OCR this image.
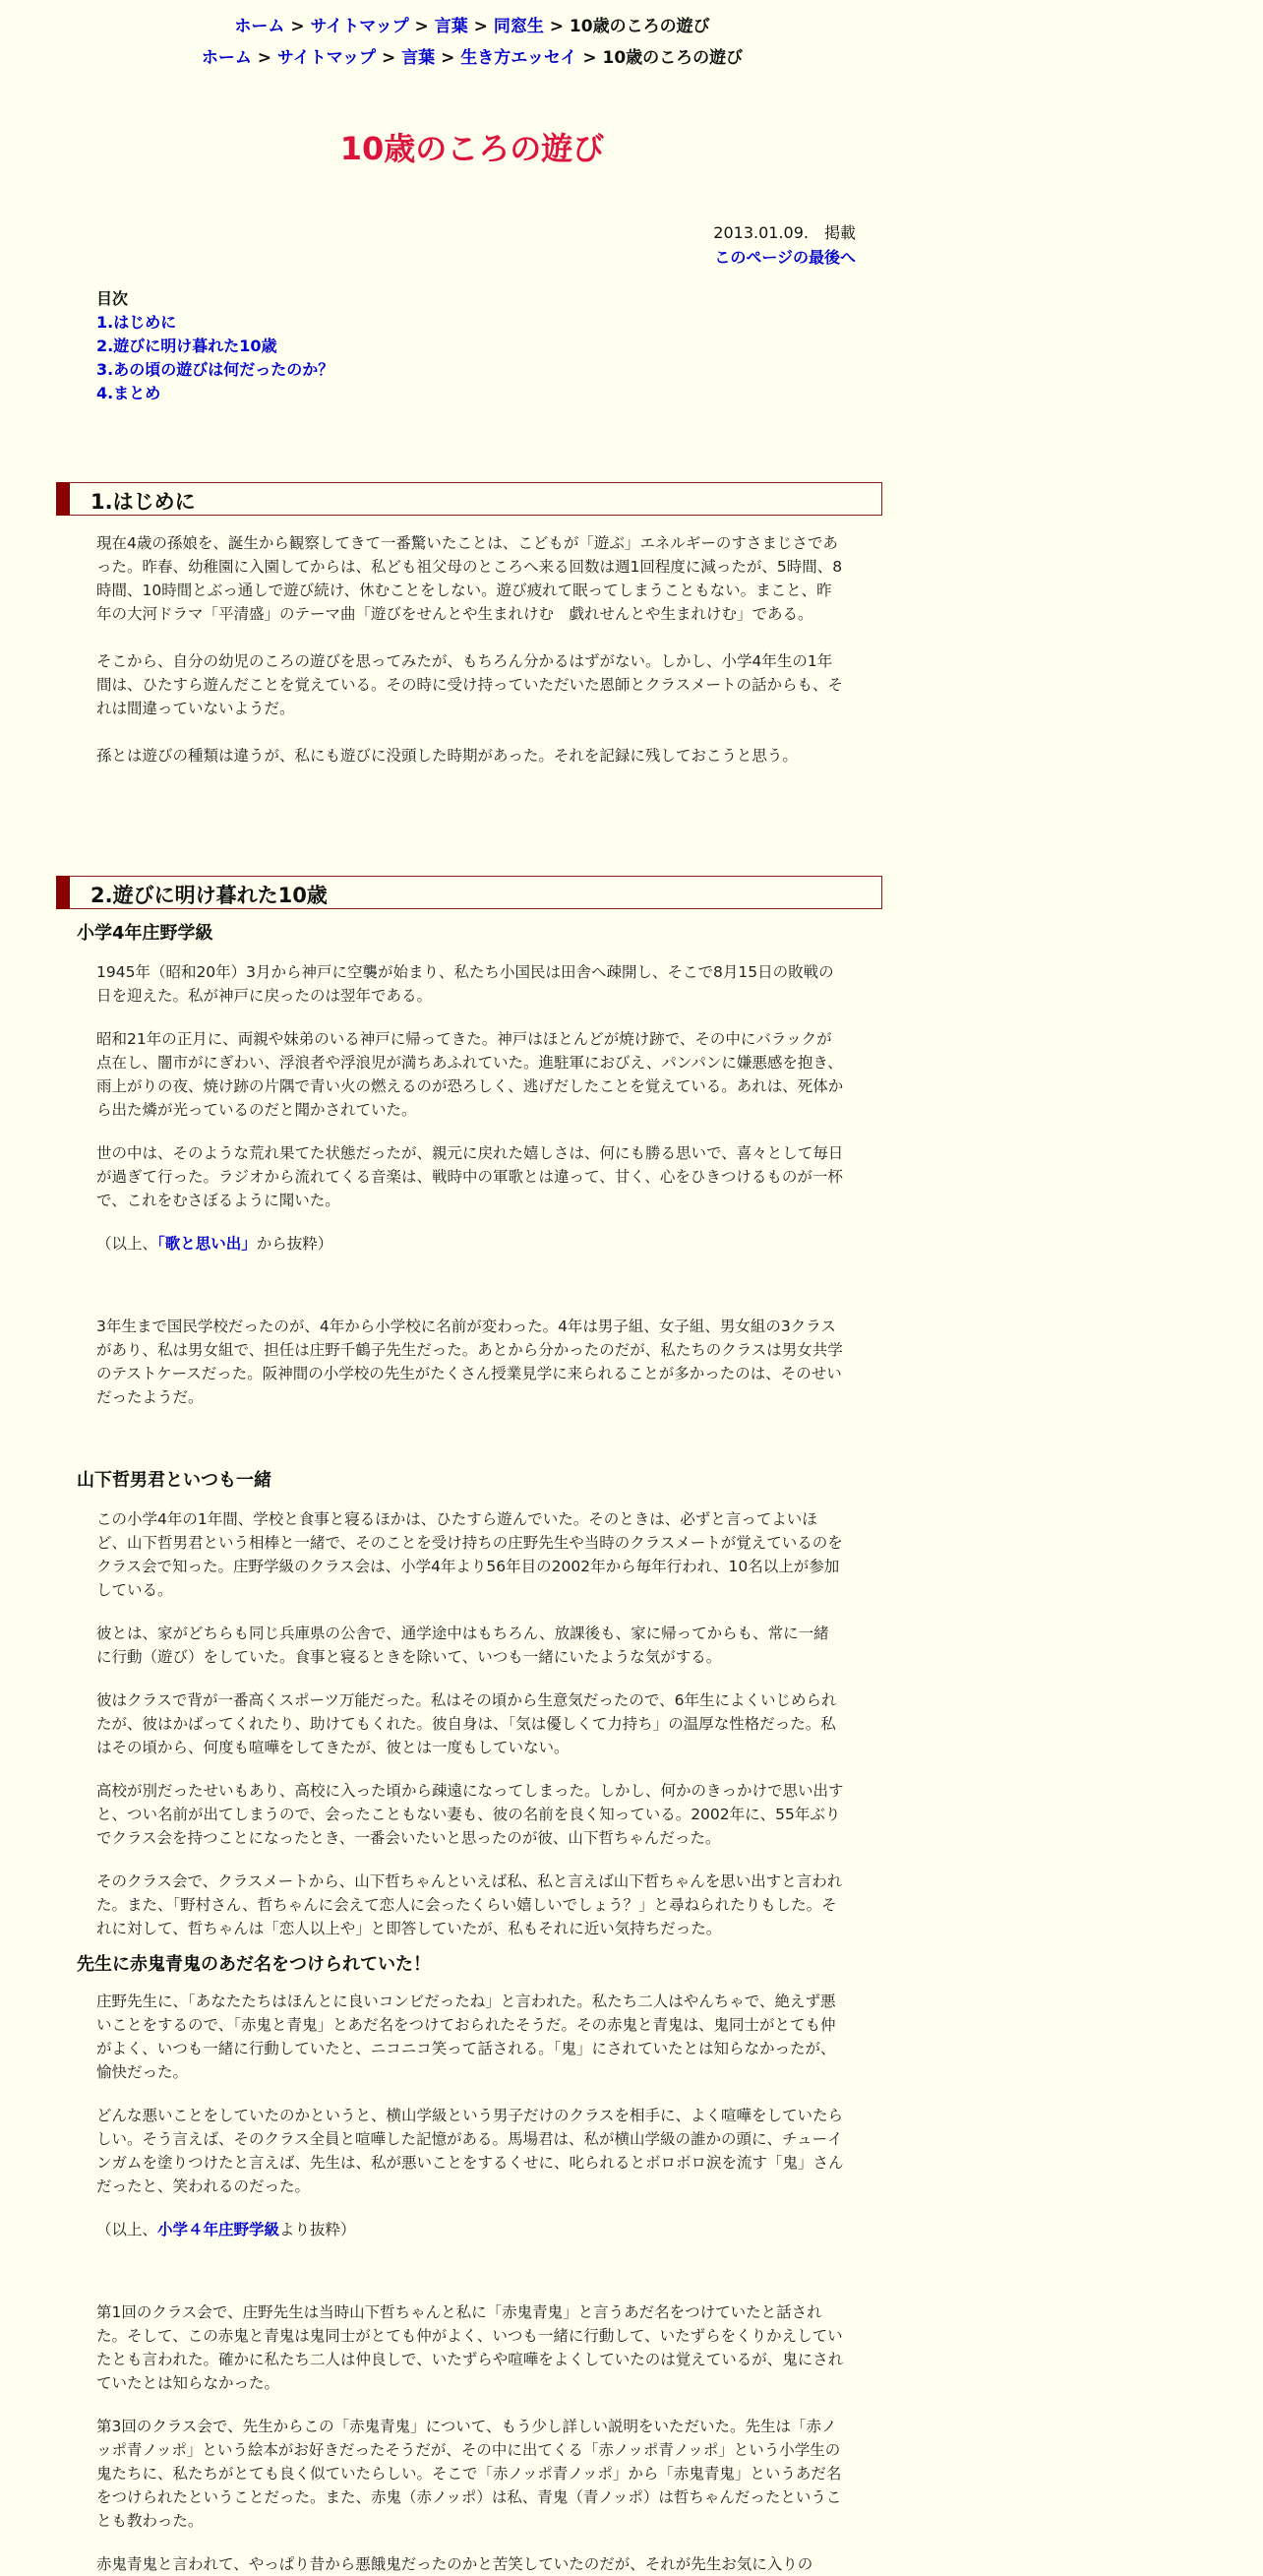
ホーム > サイトマップ > 言葉 > 同窓生 > 10歳のころの遊び
ホーム > サイトマップ > 言葉 > 生き方エッセイ > 10歳のころの遊び
10歳のころの遊び
2013.01.09.　掲載
このページの最後へ
目次
1.はじめに
2.遊びに明け暮れた10歳
3.あの頃の遊びは何だったのか？
4.まとめ
1.はじめに

現在4歳の孫娘を、誕生から観察してきて一番驚いたことは、こどもが「遊ぶ」エネルギーのすさまじさであった。昨春、幼稚園に入園してからは、私ども祖父母のところへ来る回数は週1回程度に減ったが、5時間、8時間、10時間とぶっ通しで遊び続け、休むことをしない。遊び疲れて眠ってしまうこともない。まこと、昨年の大河ドラマ「平清盛」のテーマ曲「遊びをせんとや生まれけむ　戯れせんとや生まれけむ」である。

そこから、自分の幼児のころの遊びを思ってみたが、もちろん分かるはずがない。しかし、小学4年生の1年間は、ひたすら遊んだことを覚えている。その時に受け持っていただいた恩師とクラスメートの話からも、それは間違っていないようだ。

孫とは遊びの種類は違うが、私にも遊びに没頭した時期があった。それを記録に残しておこうと思う。

2.遊びに明け暮れた10歳
小学4年庄野学級

1945年（昭和20年）3月から神戸に空襲が始まり、私たち小国民は田舎へ疎開し、そこで8月15日の敗戦の日を迎えた。私が神戸に戻ったのは翌年である。

昭和21年の正月に、両親や妹弟のいる神戸に帰ってきた。神戸はほとんどが焼け跡で、その中にバラックが点在し、闇市がにぎわい、浮浪者や浮浪児が満ちあふれていた。進駐軍におびえ、パンパンに嫌悪感を抱き、雨上がりの夜、焼け跡の片隅で青い火の燃えるのが恐ろしく、逃げだしたことを覚えている。あれは、死体から出た燐が光っているのだと聞かされていた。

世の中は、そのような荒れ果てた状態だったが、親元に戻れた嬉しさは、何にも勝る思いで、喜々として毎日が過ぎて行った。ラジオから流れてくる音楽は、戦時中の軍歌とは違って、甘く、心をひきつけるものが一杯で、これをむさぼるように聞いた。

（以上、「歌と思い出」から抜粋）

3年生まで国民学校だったのが、4年から小学校に名前が変わった。4年は男子組、女子組、男女組の3クラスがあり、私は男女組で、担任は庄野千鶴子先生だった。あとから分かったのだが、私たちのクラスは男女共学のテストケースだった。阪神間の小学校の先生がたくさん授業見学に来られることが多かったのは、そのせいだったようだ。

山下哲男君といつも一緒

この小学4年の1年間、学校と食事と寝るほかは、ひたすら遊んでいた。そのときは、必ずと言ってよいほど、山下哲男君という相棒と一緒で、そのことを受け持ちの庄野先生や当時のクラスメートが覚えているのをクラス会で知った。庄野学級のクラス会は、小学4年より56年目の2002年から毎年行われ、10名以上が参加している。

彼とは、家がどちらも同じ兵庫県の公舎で、通学途中はもちろん、放課後も、家に帰ってからも、常に一緒に行動（遊び）をしていた。食事と寝るときを除いて、いつも一緒にいたような気がする。

彼はクラスで背が一番高くスポーツ万能だった。私はその頃から生意気だったので、6年生によくいじめられたが、彼はかばってくれたり、助けてもくれた。彼自身は、「気は優しくて力持ち」の温厚な性格だった。私はその頃から、何度も喧嘩をしてきたが、彼とは一度もしていない。

高校が別だったせいもあり、高校に入った頃から疎遠になってしまった。しかし、何かのきっかけで思い出すと、つい名前が出てしまうので、会ったこともない妻も、彼の名前を良く知っている。2002年に、55年ぶりでクラス会を持つことになったとき、一番会いたいと思ったのが彼、山下哲ちゃんだった。

そのクラス会で、クラスメートから、山下哲ちゃんといえば私、私と言えば山下哲ちゃんを思い出すと言われた。また、「野村さん、哲ちゃんに会えて恋人に会ったくらい嬉しいでしょう？」と尋ねられたりもした。それに対して、哲ちゃんは「恋人以上や」と即答していたが、私もそれに近い気持ちだった。

先生に赤鬼青鬼のあだ名をつけられていた！

庄野先生に、「あなたたちはほんとに良いコンビだったね」と言われた。私たち二人はやんちゃで、絶えず悪いことをするので、「赤鬼と青鬼」とあだ名をつけておられたそうだ。その赤鬼と青鬼は、鬼同士がとても仲がよく、いつも一緒に行動していたと、ニコニコ笑って話される。「鬼」にされていたとは知らなかったが、愉快だった。

どんな悪いことをしていたのかというと、横山学級という男子だけのクラスを相手に、よく喧嘩をしていたらしい。そう言えば、そのクラス全員と喧嘩した記憶がある。馬場君は、私が横山学級の誰かの頭に、チューインガムを塗りつけたと言えば、先生は、私が悪いことをするくせに、叱られるとボロボロ涙を流す「鬼」さんだったと、笑われるのだった。

（以上、小学４年庄野学級より抜粋）

第1回のクラス会で、庄野先生は当時山下哲ちゃんと私に「赤鬼青鬼」と言うあだ名をつけていたと話された。そして、この赤鬼と青鬼は鬼同士がとても仲がよく、いつも一緒に行動して、いたずらをくりかえしていたとも言われた。確かに私たち二人は仲良しで、いたずらや喧嘩をよくしていたのは覚えているが、鬼にされていたとは知らなかった。

第3回のクラス会で、先生からこの「赤鬼青鬼」について、もう少し詳しい説明をいただいた。先生は「赤ノッポ青ノッポ」という絵本がお好きだったそうだが、その中に出てくる「赤ノッポ青ノッポ」という小学生の鬼たちに、私たちがとても良く似ていたらしい。そこで「赤ノッポ青ノッポ」から「赤鬼青鬼」というあだ名をつけられたということだった。また、赤鬼（赤ノッポ）は私、青鬼（青ノッポ）は哲ちゃんだったということも教わった。

赤鬼青鬼と言われて、やっぱり昔から悪餓鬼だったのかと苦笑していたのだが、それが先生お気に入りの
